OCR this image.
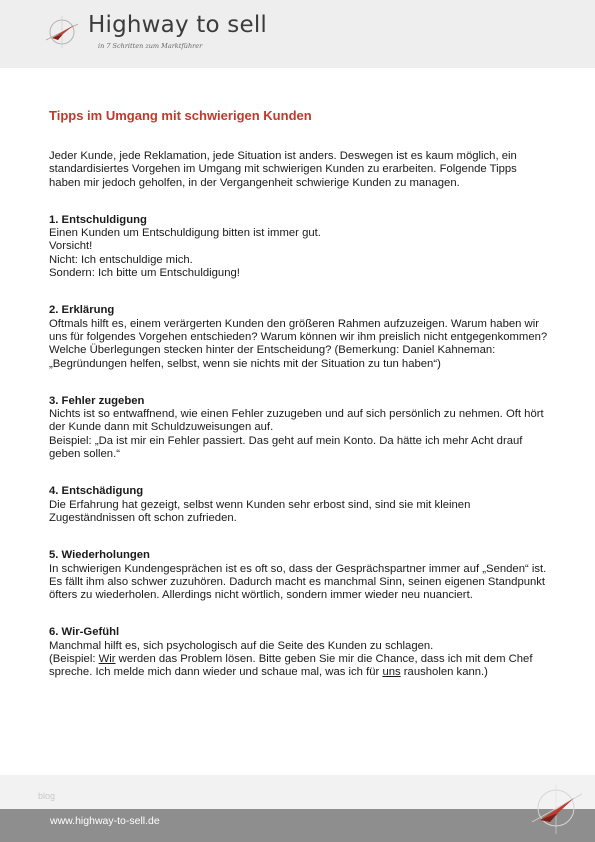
Highway to sell
in 7 Schritten zum Marktführer
Tipps im Umgang mit schwierigen Kunden

Jeder Kunde, jede Reklamation, jede Situation ist anders. Deswegen ist es kaum möglich, ein standardisiertes Vorgehen im Umgang mit schwierigen Kunden zu erarbeiten. Folgende Tipps haben mir jedoch geholfen, in der Vergangenheit schwierige Kunden zu managen.

1. Entschuldigung
Einen Kunden um Entschuldigung bitten ist immer gut.
Vorsicht!
Nicht: Ich entschuldige mich.
Sondern: Ich bitte um Entschuldigung!
2. Erklärung

Oftmals hilft es, einem verärgerten Kunden den größeren Rahmen aufzuzeigen. Warum haben wir uns für folgendes Vorgehen entschieden? Warum können wir ihm preislich nicht entgegenkommen? Welche Überlegungen stecken hinter der Entscheidung? (Bemerkung: Daniel Kahneman: „Begründungen helfen, selbst, wenn sie nichts mit der Situation zu tun haben“)

3. Fehler zugeben

Nichts ist so entwaffnend, wie einen Fehler zuzugeben und auf sich persönlich zu nehmen. Oft hört der Kunde dann mit Schuldzuweisungen auf.

Beispiel: „Da ist mir ein Fehler passiert. Das geht auf mein Konto. Da hätte ich mehr Acht drauf geben sollen.“

4. Entschädigung

Die Erfahrung hat gezeigt, selbst wenn Kunden sehr erbost sind, sind sie mit kleinen Zugeständnissen oft schon zufrieden.

5. Wiederholungen

In schwierigen Kundengesprächen ist es oft so, dass der Gesprächspartner immer auf „Senden“ ist. Es fällt ihm also schwer zuzuhören. Dadurch macht es manchmal Sinn, seinen eigenen Standpunkt öfters zu wiederholen. Allerdings nicht wörtlich, sondern immer wieder neu nuanciert.

6. Wir-Gefühl

Manchmal hilft es, sich psychologisch auf die Seite des Kunden zu schlagen.

(Beispiel: Wir werden das Problem lösen. Bitte geben Sie mir die Chance, dass ich mit dem Chef spreche. Ich melde mich dann wieder und schaue mal, was ich für uns rausholen kann.)

blog
www.highway-to-sell.de
